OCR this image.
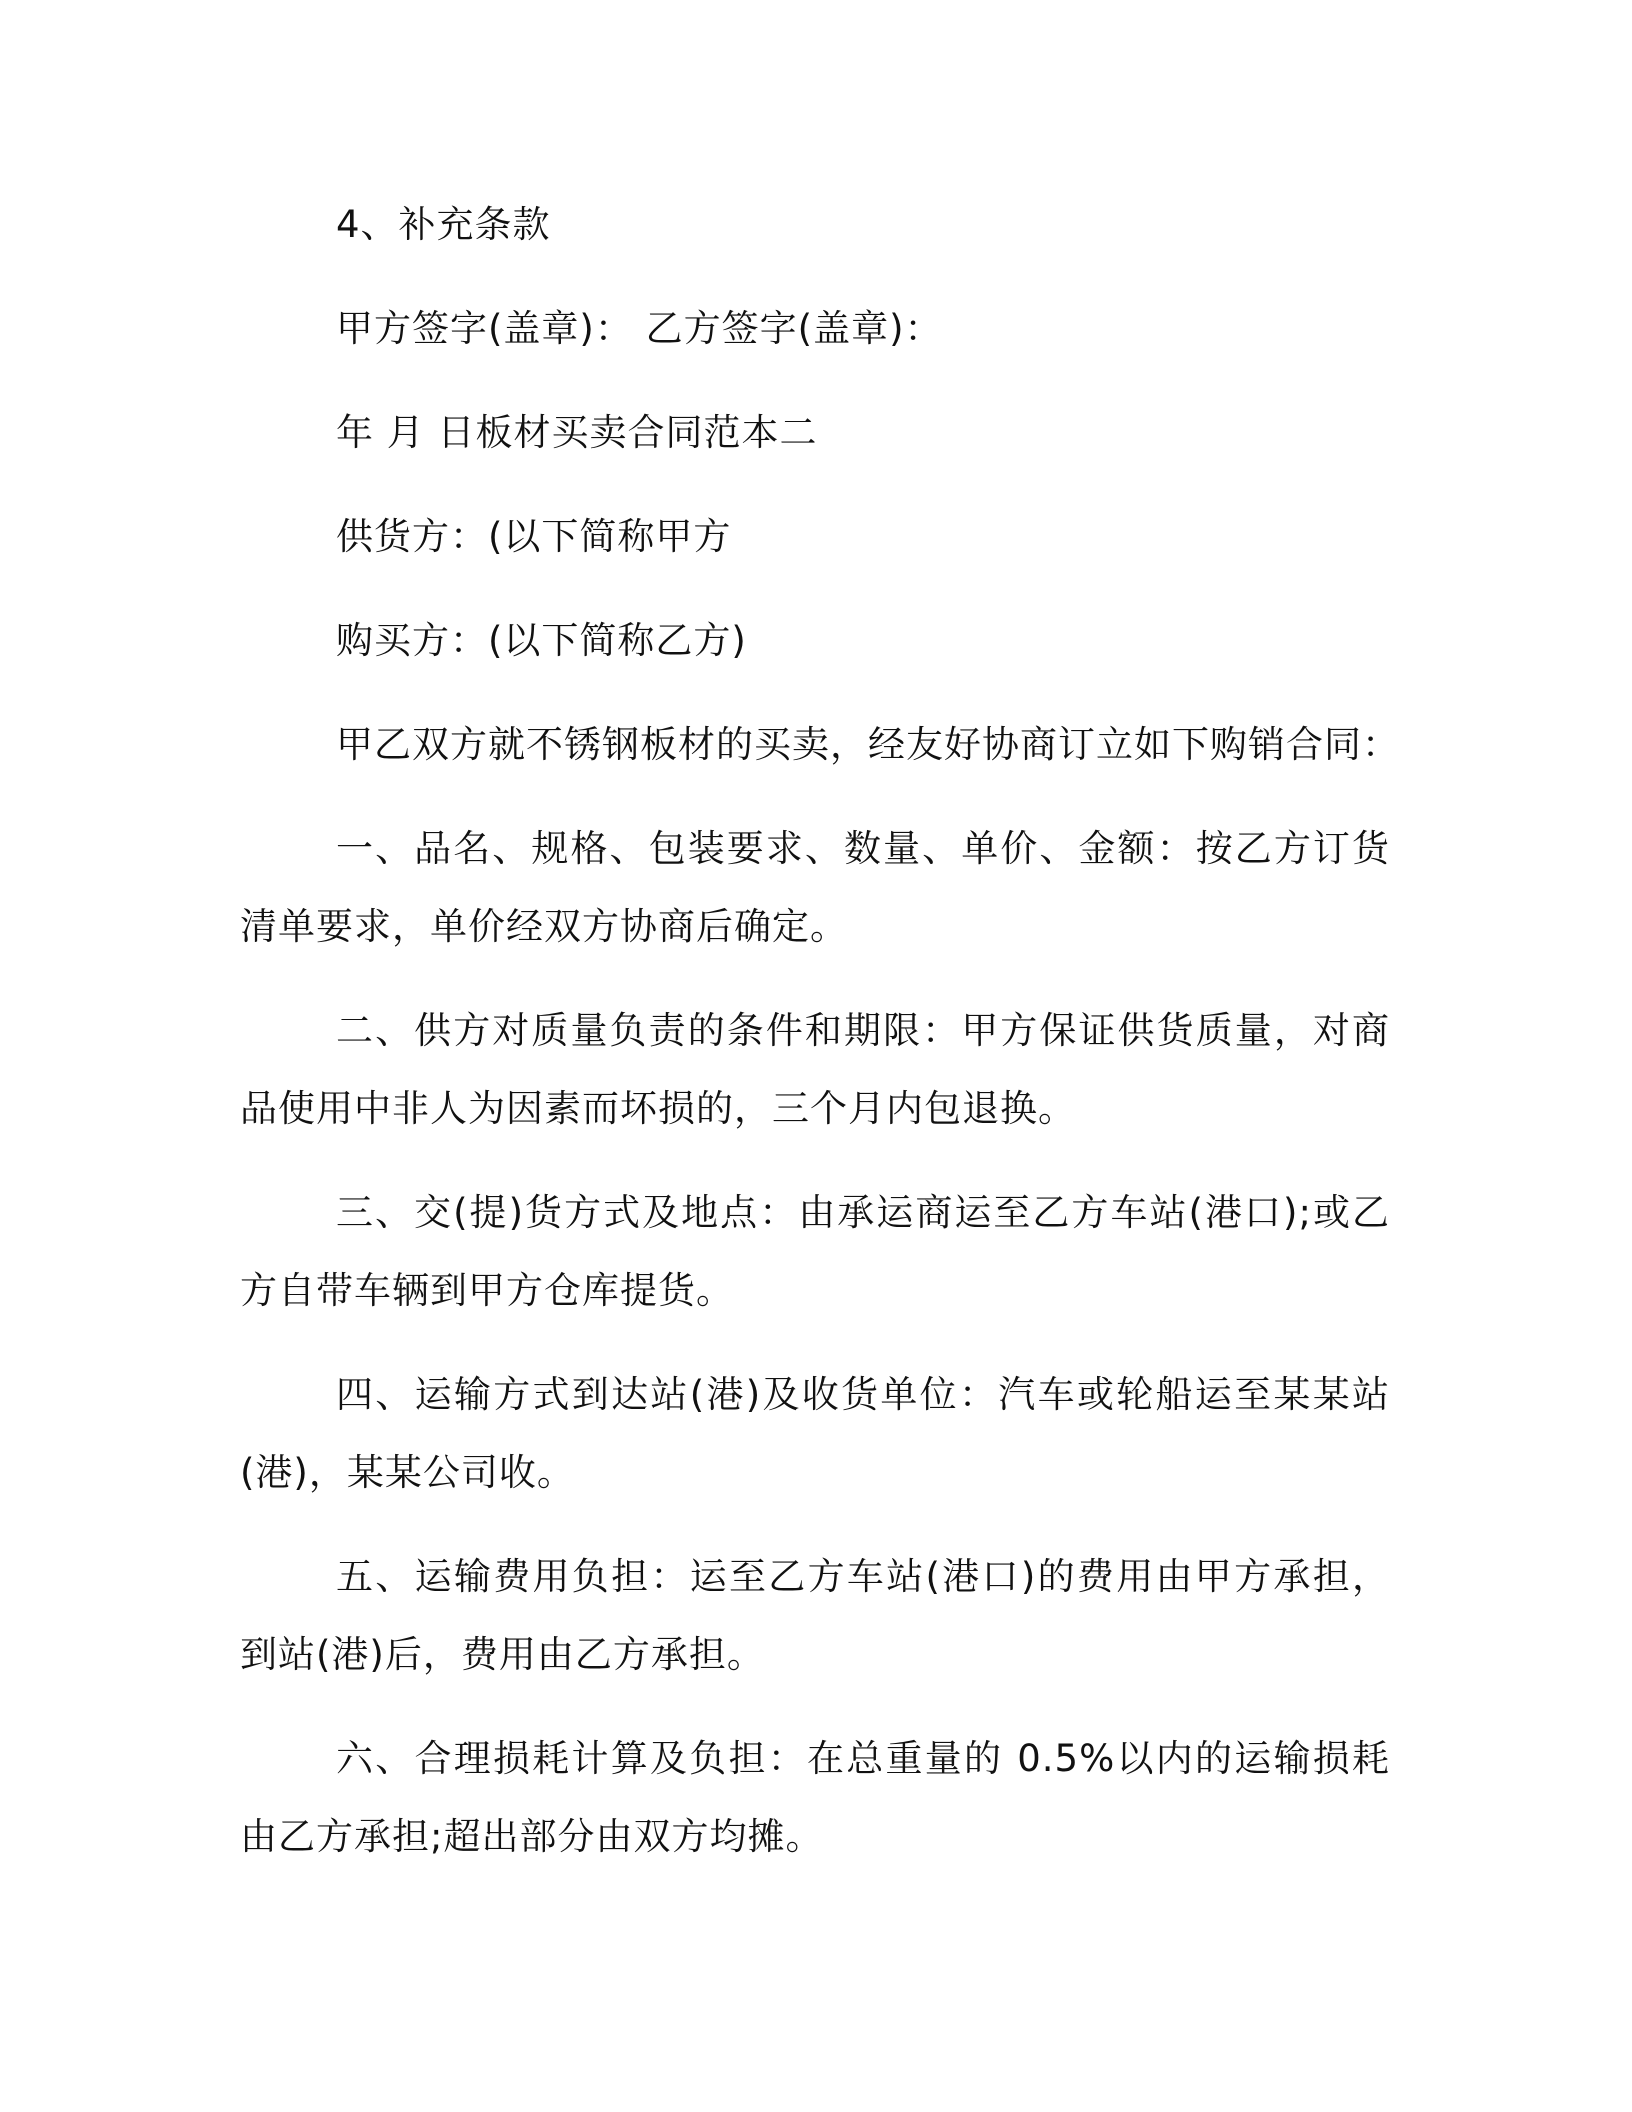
4、补充条款

甲方签字(盖章)： 乙方签字(盖章)：

年 月 日板材买卖合同范本二

供货方：(以下简称甲方

购买方：(以下简称乙方)

甲乙双方就不锈钢板材的买卖，经友好协商订立如下购销合同：

一、品名、规格、包装要求、数量、单价、金额：按乙方订货清单要求，单价经双方协商后确定。

二、供方对质量负责的条件和期限：甲方保证供货质量，对商品使用中非人为因素而坏损的，三个月内包退换。

三、交(提)货方式及地点：由承运商运至乙方车站(港口);或乙方自带车辆到甲方仓库提货。

四、运输方式到达站(港)及收货单位：汽车或轮船运至某某站(港)，某某公司收。

五、运输费用负担：运至乙方车站(港口)的费用由甲方承担，到站(港)后，费用由乙方承担。

六、合理损耗计算及负担：在总重量的 0.5%以内的运输损耗由乙方承担;超出部分由双方均摊。
